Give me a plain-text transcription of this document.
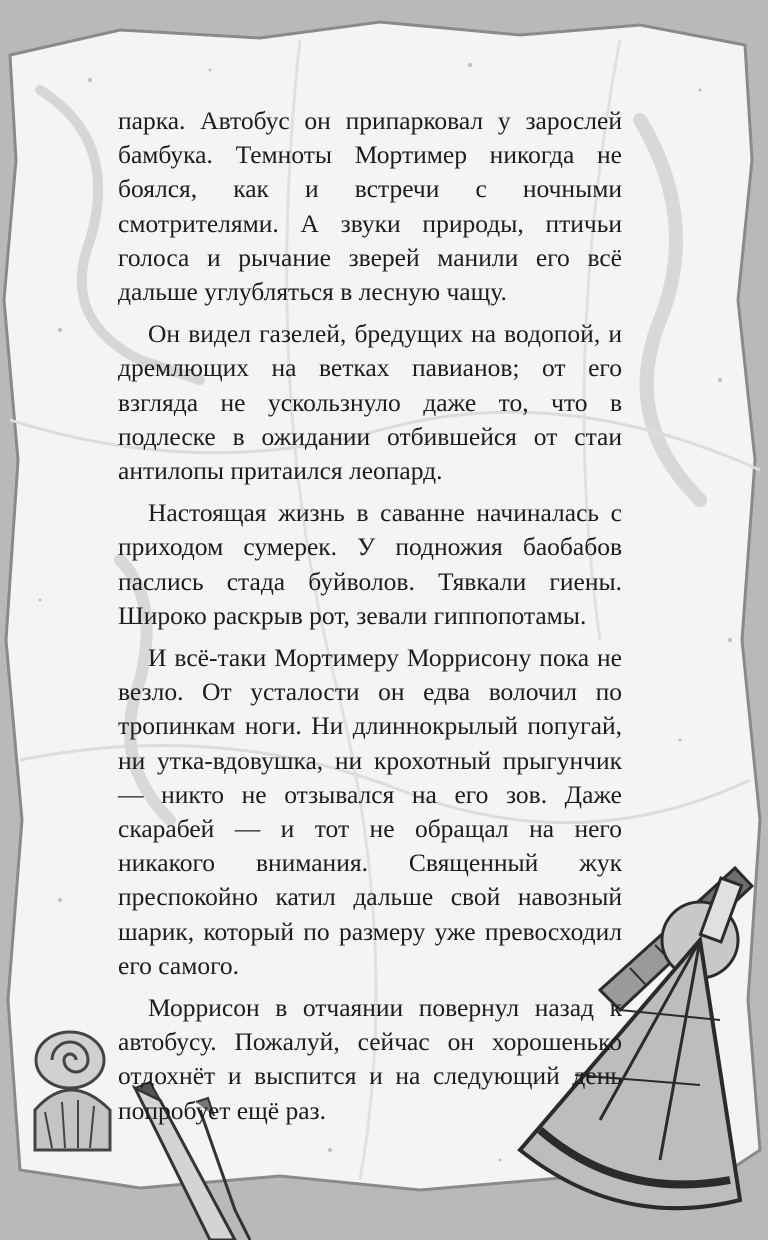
парка. Автобус он припарковал у зарослей бамбука. Темноты Мортимер никогда не боялся, как и встречи с ночными смотрителями. А звуки природы, птичьи голоса и рычание зверей манили его всё дальше углубляться в лесную чащу.

Он видел газелей, бредущих на водопой, и дремлющих на ветках павианов; от его взгляда не ускользнуло даже то, что в подлеске в ожидании отбившейся от стаи антилопы притаился леопард.

Настоящая жизнь в саванне начиналась с приходом сумерек. У подножия баобабов паслись стада буйволов. Тявкали гиены. Широко раскрыв рот, зевали гиппопотамы.

И всё-таки Мортимеру Моррисону пока не везло. От усталости он едва волочил по тропинкам ноги. Ни длиннокрылый попугай, ни утка-вдовушка, ни крохотный прыгунчик — никто не отзывался на его зов. Даже скарабей — и тот не обращал на него никакого внимания. Священный жук преспокойно катил дальше свой навозный шарик, который по размеру уже превосходил его самого.

Моррисон в отчаянии повернул назад к автобусу. Пожалуй, сейчас он хорошенько отдохнёт и выспится и на следующий день попробует ещё раз.
